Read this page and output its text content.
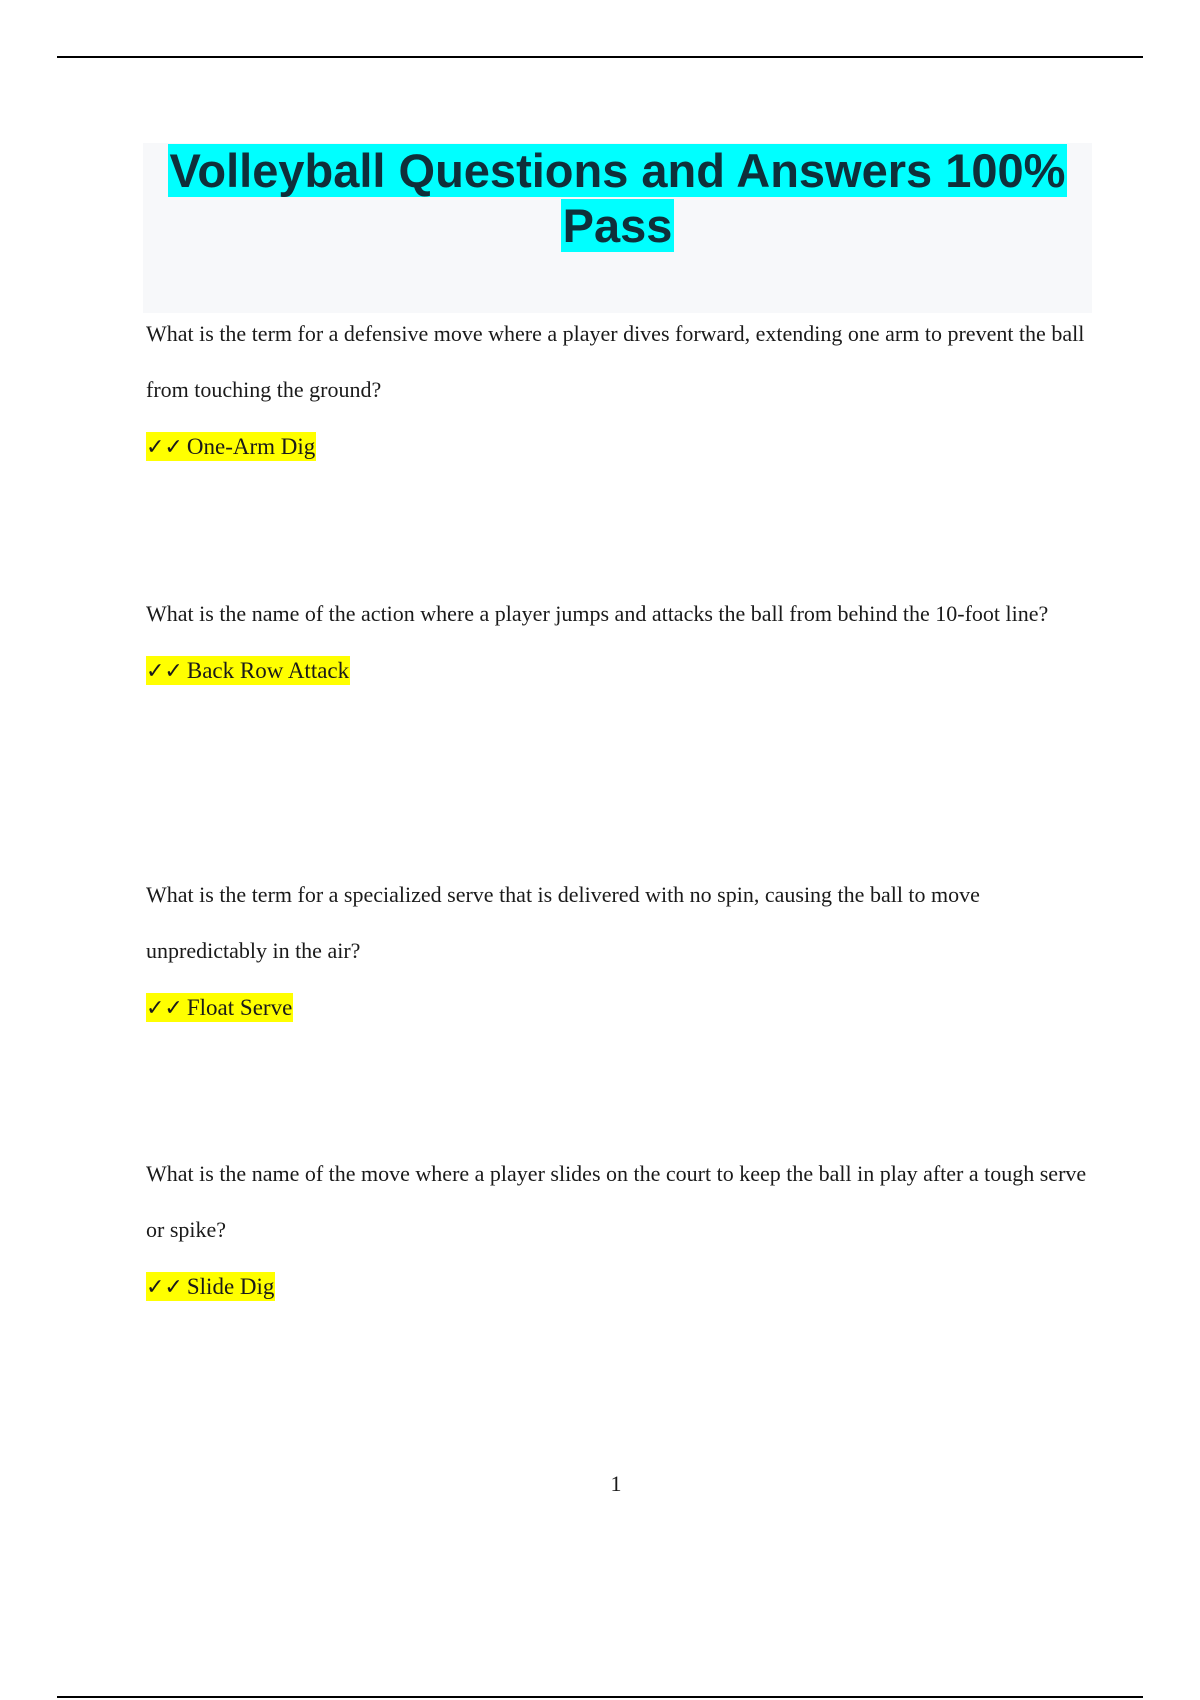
Volleyball Questions and Answers 100%
Pass

What is the term for a defensive move where a player dives forward, extending one arm to prevent the ball from touching the ground?

✓✓ One-Arm Dig

What is the name of the action where a player jumps and attacks the ball from behind the 10-foot line?

✓✓ Back Row Attack

What is the term for a specialized serve that is delivered with no spin, causing the ball to move unpredictably in the air?

✓✓ Float Serve

What is the name of the move where a player slides on the court to keep the ball in play after a tough serve or spike?

✓✓ Slide Dig

1
